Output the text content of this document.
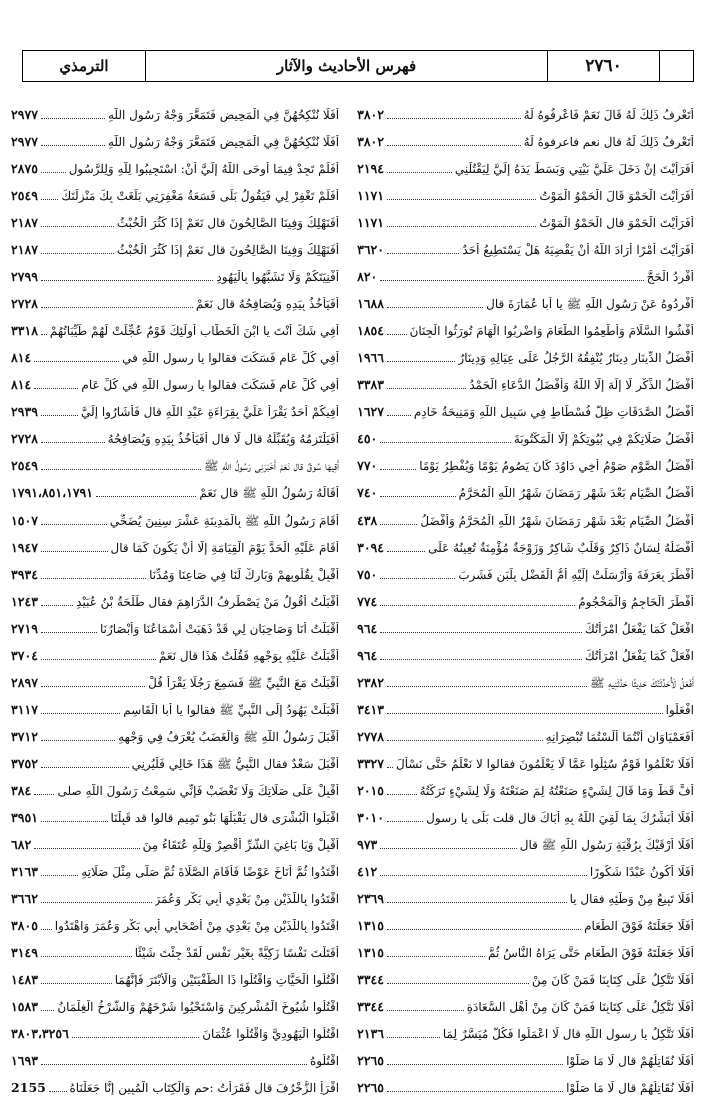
٢٧٦٠
فهرس الأحاديث والآثار
الترمذي
أَتَعْرِفُ ذَلِكَ لَهُ قَالَ نَعَمْ فَاعْرِفُوهُ لَهُ
٣٨٠٢
أَتَعْرِفُ ذَلِكَ لَهُ قال نعم فاعرفوهُ لَهُ
٣٨٠٢
أَفَرَأَيْتَ إِنْ دَخَلَ عَلَيَّ بَيْتِي وَبَسَطَ يَدَهُ إِلَيَّ لِيَقْتُلَنِي
٢١٩٤
أَفَرَأَيْتَ الْحَمْوَ قَالَ الْحَمْوُ الْمَوْتُ
١١٧١
أَفَرَأَيْتَ الْحَمْوَ قال الْحَمْوُ الْمَوْتُ
١١٧١
أَفَرَأَيْتَ أَمْرًا أَرَادَ اللَّهُ أَنْ يَقْضِيَهُ هَلْ يَسْتَطِيعُ أَحَدٌ
٣٦٢٠
أَفْرِدُ الْحَجَّ
٨٢٠
أَفْرِدُوهُ عَنْ رَسُولِ اللَّهِ ﷺ يا أبا عُمَارَةَ قال
١٦٨٨
أَفْشُوا السَّلَامَ وَأَطْعِمُوا الطَّعَامَ وَاضْرِبُوا الْهَامَ تُورَثُوا الْجِنَانَ
١٨٥٤
أَفْضَلُ الدِّينَارِ دِينَارٌ يُنْفِقُهُ الرَّجُلُ عَلَى عِيَالِهِ وَدِينَارٌ
١٩٦٦
أَفْضَلُ الذِّكْرِ لَا إِلَهَ إِلَّا اللَّهُ وَأَفْضَلُ الدُّعَاءِ الْحَمْدُ
٣٣٨٣
أَفْضَلُ الصَّدَقَاتِ ظِلُّ فُسْطَاطٍ فِي سَبِيلِ اللَّهِ وَمَنِيحَةُ خَادِمٍ
١٦٢٧
أَفْضَلُ صَلَاتِكُمْ فِي بُيُوتِكُمْ إِلَّا الْمَكْتُوبَةَ
٤٥٠
أَفْضَلُ الصَّوْمِ صَوْمُ أَخِي دَاوُدَ كَانَ يَصُومُ يَوْمًا وَيُفْطِرُ يَوْمًا
٧٧٠
أَفْضَلُ الصِّيَامِ بَعْدَ شَهْرِ رَمَضَانَ شَهْرُ اللَّهِ الْمُحَرَّمُ
٧٤٠
أَفْضَلُ الصِّيَامِ بَعْدَ شَهْرِ رَمَضَانَ شَهْرُ اللَّهِ الْمُحَرَّمُ وَأَفْضَلُ
٤٣٨
أَفْضَلُهُ لِسَانٌ ذَاكِرٌ وَقَلْبٌ شَاكِرٌ وَزَوْجَةٌ مُؤْمِنَةٌ تُعِينُهُ عَلَى
٣٠٩٤
أَفْطَرَ بِعَرَفَةَ وَأَرْسَلَتْ إِلَيْهِ أُمُّ الْفَضْلِ بِلَبَنٍ فَشَرِبَ
٧٥٠
أَفْطَرَ الْحَاجِمُ وَالْمَحْجُومُ
٧٧٤
افْعَلْ كَمَا يَفْعَلُ امْرَأَتُكَ
٩٦٤
افْعَلْ كَمَا يَفْعَلُ امْرَأَتُكَ
٩٦٤
أَفْعَلُ لَأُحَدِّثَنَّكَ حَدِيثًا حَدَّثَنِيهِ ﷺ
٢٣٨٢
افْعَلُوا
٣٤١٣
أَفَعَمْيَاوَانِ أَنْتُمَا أَلَسْتُمَا تُبْصِرَانِهِ
٢٧٧٨
أَفَلَا تَعْلَمُوا قَوْمٌ سُئِلُوا عَمَّا لَا يَعْلَمُونَ فقالوا لا نَعْلَمُ حَتَّى نَسْأَلَ
٣٣٢٧
أُفٍّ قَطُّ وَمَا قَالَ لِشَيْءٍ صَنَعْتُهُ لِمَ صَنَعْتَهُ وَلَا لِشَيْءٍ تَرَكْتُهُ
٢٠١٥
أَفَلَا أُبَشِّرُكَ بِمَا لَقِيَ اللَّهُ بِهِ أَبَاكَ قال قلت بَلَى يا رسول
٣٠١٠
أَفَلَا أَرْقَيْكَ بِرُقْيَةٍ رَسُولِ اللَّهِ ﷺ قال
٩٧٣
أَفَلَا أَكُونُ عَبْدًا شَكُورًا
٤١٢
أَفَلَا تَبِيعُ مِنْ وَطْئِهِ فقال يا
٢٣٦٩
أَفَلَا جَعَلْتَهُ فَوْقَ الطَّعَامِ
١٣١٥
أَفَلَا جَعَلْتَهُ فَوْقَ الطَّعَامِ حَتَّى يَرَاهُ النَّاسُ ثُمَّ
١٣١٥
أَفَلَا تَتَّكِلُ عَلَى كِتَابِنَا فَمَنْ كَانَ مِنْ
٣٣٤٤
أَفَلَا نَتَّكِلُ عَلَى كِتَابِنَا فَمَنْ كَانَ مِنْ أَهْلِ السَّعَادَةِ
٣٣٤٤
أَفَلَا نَتَّكِلُ يا رسول اللَّهِ قال لَا اعْمَلُوا فَكُلٌّ مُيَسَّرٌ لِمَا
٢١٣٦
أَفَلَا نُقَاتِلُهُمْ قال لَا مَا صَلَّوْا
٢٢٦٥
أَفَلَا نُقَاتِلُهُمْ قال لَا مَا صَلَّوْا
٢٢٦٥
أَفَلَا نُنْكِحُهُنَّ فِي الْمَحِيضِ فَتَمَعَّرَ وَجْهُ رَسُولِ اللَّهِ
٢٩٧٧
أَفَلَا نُنْكِحُهُنَّ فِي الْمَحِيضِ فَتَمَعَّرَ وَجْهُ رَسُولِ اللَّهِ
٢٩٧٧
أَفَلَمْ تَجِدْ فِيمَا أُوحَى اللَّهُ إِلَيَّ أَنْ: اسْتَجِيبُوا لِلَّهِ وَلِلرَّسُولِ
٢٨٧٥
أَفَلَمْ تَغْفِرْ لِي فَيَقُولُ بَلَى فَسَعَةُ مَغْفِرَتِي بَلَغَتْ بِكَ مَنْزِلَتَكَ
٢٥٤٩
أَفَنَهْلِكُ وَفِينَا الصَّالِحُونَ قال نَعَمْ إِذَا كَثُرَ الْخُبْثُ
٢١٨٧
أَفَنَهْلِكُ وَفِينَا الصَّالِحُونَ قال نَعَمْ إِذَا كَثُرَ الْخُبْثُ
٢١٨٧
أَفْنِيَتَكُمْ وَلَا تَشَبَّهُوا بِالْيَهُودِ
٢٧٩٩
أَفَيَأْخُذُ بِيَدِهِ وَيُصَافِحُهُ قال نَعَمْ
٢٧٢٨
أَفِي شَكٍّ أَنْتَ يا ابْنَ الْخَطَّابِ أُولَئِكَ قَوْمٌ عُجِّلَتْ لَهُمْ طَيِّبَاتُهُمْ
٣٣١٨
أَفِي كُلِّ عَامٍ فَسَكَتَ فقالوا يا رسول اللَّهِ في
٨١٤
أَفِي كُلِّ عَامٍ فَسَكَتَ فقالوا يا رسول اللَّهِ في كُلِّ عَامٍ
٨١٤
أَفِيكُمْ أَحَدٌ يَقْرَأُ عَلَيَّ بِقِرَاءَةِ عَبْدِ اللَّهِ قال فَأَشَارُوا إِلَيَّ
٢٩٣٩
أَفَيَلْتَزِمُهُ وَيُقَبِّلُهُ قال لَا قال أَفَيَأْخُذُ بِيَدِهِ وَيُصَافِحُهُ
٢٧٢٨
أَقِيهَا سُوقٌ قال نَعَمْ أَخْبَرَنِي رَسُولُ اللَّهِ ﷺ
٢٥٤٩
أَقَالَهُ رَسُولُ اللَّهِ ﷺ قال نَعَمْ
١٧٩١،٨٥١،١٧٩١
أَقَامَ رَسُولُ اللَّهِ ﷺ بِالْمَدِينَةِ عَشْرَ سِنِينَ يُضَحِّي
١٥٠٧
أَقَامَ عَلَيْهِ الْحَدَّ يَوْمَ الْقِيَامَةِ إِلَّا أَنْ يَكُونَ كَمَا قال
١٩٤٧
أَقْبِلْ بِقُلُوبِهِمْ وَبَارِكْ لَنَا فِي صَاعِنَا وَمُدِّنَا
٣٩٣٤
أَقْبَلْتُ أَقُولُ مَنْ يَصْطَرِفُ الدَّرَاهِمَ فقال طَلْحَةُ بْنُ عُبَيْدِ
١٢٤٣
أَقْبَلْتُ أَنَا وَصَاحِبَانِ لِي قَدْ ذَهَبَتْ أَسْمَاعُنَا وَأَبْصَارُنَا
٢٧١٩
أَقْبَلْتُ عَلَيْهِ بِوَجْهِهِ فَقُلْتُ هَذَا قال نَعَمْ
٣٧٠٤
أَقْبَلْتُ مَعَ النَّبِيِّ ﷺ فَسَمِعَ رَجُلًا يَقْرَأُ قُلْ
٢٨٩٧
أَقْبَلَتْ يَهُودُ إِلَى النَّبِيِّ ﷺ فقالوا يا أبا الْقَاسِمِ
٣١١٧
أَقْبَلَ رَسُولُ اللَّهِ ﷺ وَالْغَضَبُ يُعْرَفُ فِي وَجْهِهِ
٣٧١٢
أَقْبَلَ سَعْدٌ فقال النَّبِيُّ ﷺ هَذَا خَالِي فَلْيُرِنِي
٣٧٥٢
أَقْبِلْ عَلَى صَلَاتِكَ وَلَا تَغْضَبْ فَإِنِّي سَمِعْتُ رَسُولَ اللَّهِ صلى
٣٨٤
اقْبَلُوا الْبُشْرَى قال يَقْبَلْهَا بَنُو تَمِيمٍ قالوا قد قَبِلْنَا
٣٩٥١
أَقْبِلْ وَيَا بَاغِيَ الشَّرِّ أَقْصِرْ وَلِلَّهِ عُتَقَاءُ مِنَ
٦٨٢
اقْتَدُوا ثُمَّ أَنَاخَ عَوْضًا فَأَقَامَ الصَّلَاةَ ثُمَّ صَلَّى مِثْلَ صَلَاتِهِ
٣١٦٣
اقْتَدُوا بِاللَّذَيْنِ مِنْ بَعْدِي أَبِي بَكْرٍ وَعُمَرَ
٣٦٦٢
اقْتَدُوا بِاللَّذَيْنِ مِنْ بَعْدِي مِنْ أَصْحَابِي أَبِي بَكْرٍ وَعُمَرَ وَاهْتَدُوا
٣٨٠٥
أَقَتَلْتَ نَفْسًا زَكِيَّةً بِغَيْرِ نَفْسٍ لَقَدْ جِئْتَ شَيْئًا
٣١٤٩
اقْتُلُوا الْحَيَّاتِ وَاقْتُلُوا ذَا الطُّفْيَتَيْنِ وَالْأَبْتَرَ فَإِنَّهُمَا
١٤٨٣
اقْتُلُوا شُيُوخَ الْمُشْرِكِينَ وَاسْتَحْيُوا شَرْخَهُمْ وَالشَّرْخُ الْغِلْمَانُ
١٥٨٣
اقْتُلُوا الْيَهُودِيَّ وَاقْتُلُوا عُثْمَانَ
٣٨٠٣،٣٢٥٦
اقْتُلُوهُ
١٦٩٣
اقْرَأِ الزُّخْرُفَ قال فَقَرَأْتُ :حم وَالْكِتَابِ الْمُبِينِ إِنَّا جَعَلْنَاهُ
2155
